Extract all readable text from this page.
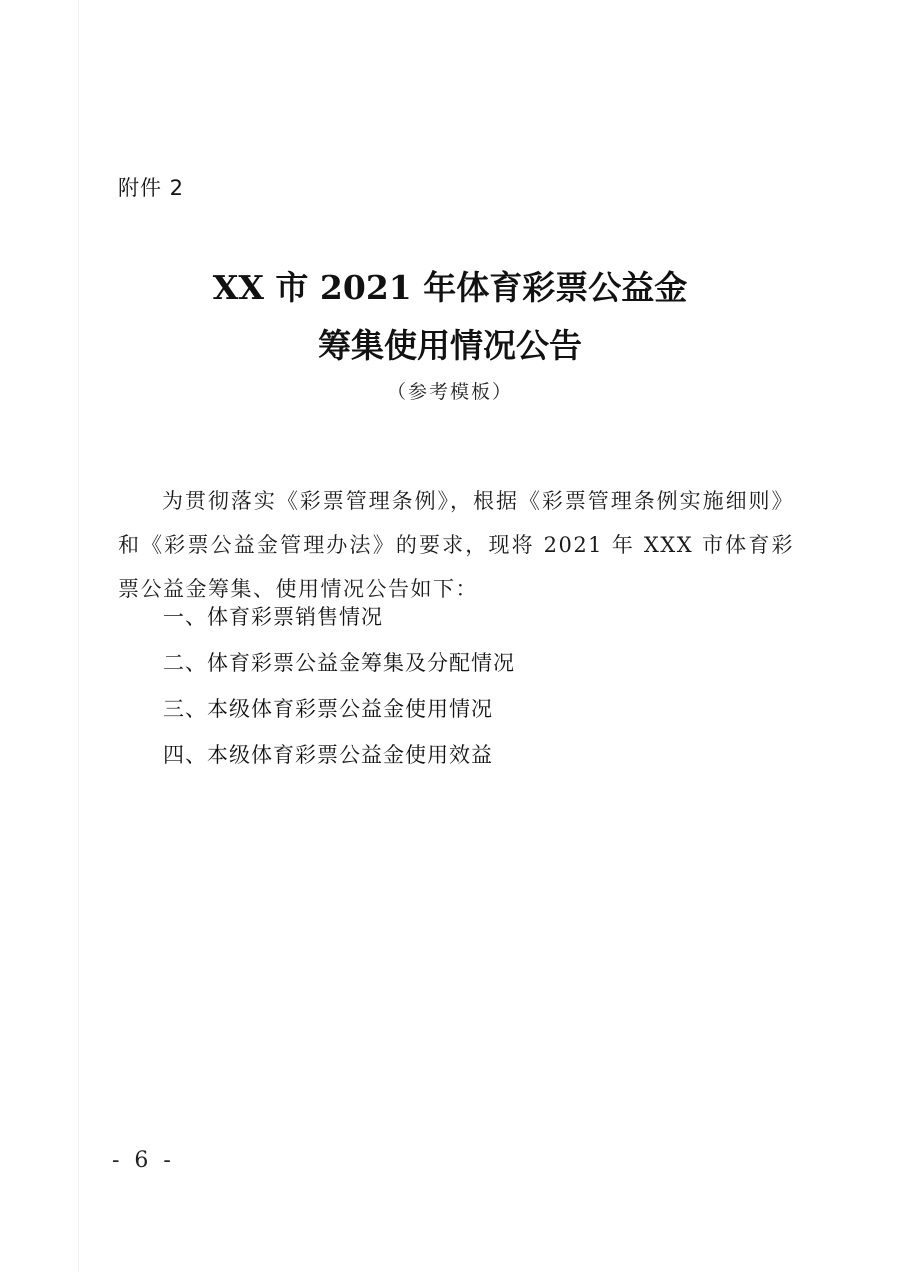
附件 2
XX 市 2021 年体育彩票公益金
筹集使用情况公告
（参考模板）

为贯彻落实《彩票管理条例》，根据《彩票管理条例实施细则》和《彩票公益金管理办法》的要求，现将 2021 年 XXX 市体育彩票公益金筹集、使用情况公告如下：

一、体育彩票销售情况
二、体育彩票公益金筹集及分配情况
三、本级体育彩票公益金使用情况
四、本级体育彩票公益金使用效益
- 6 -
